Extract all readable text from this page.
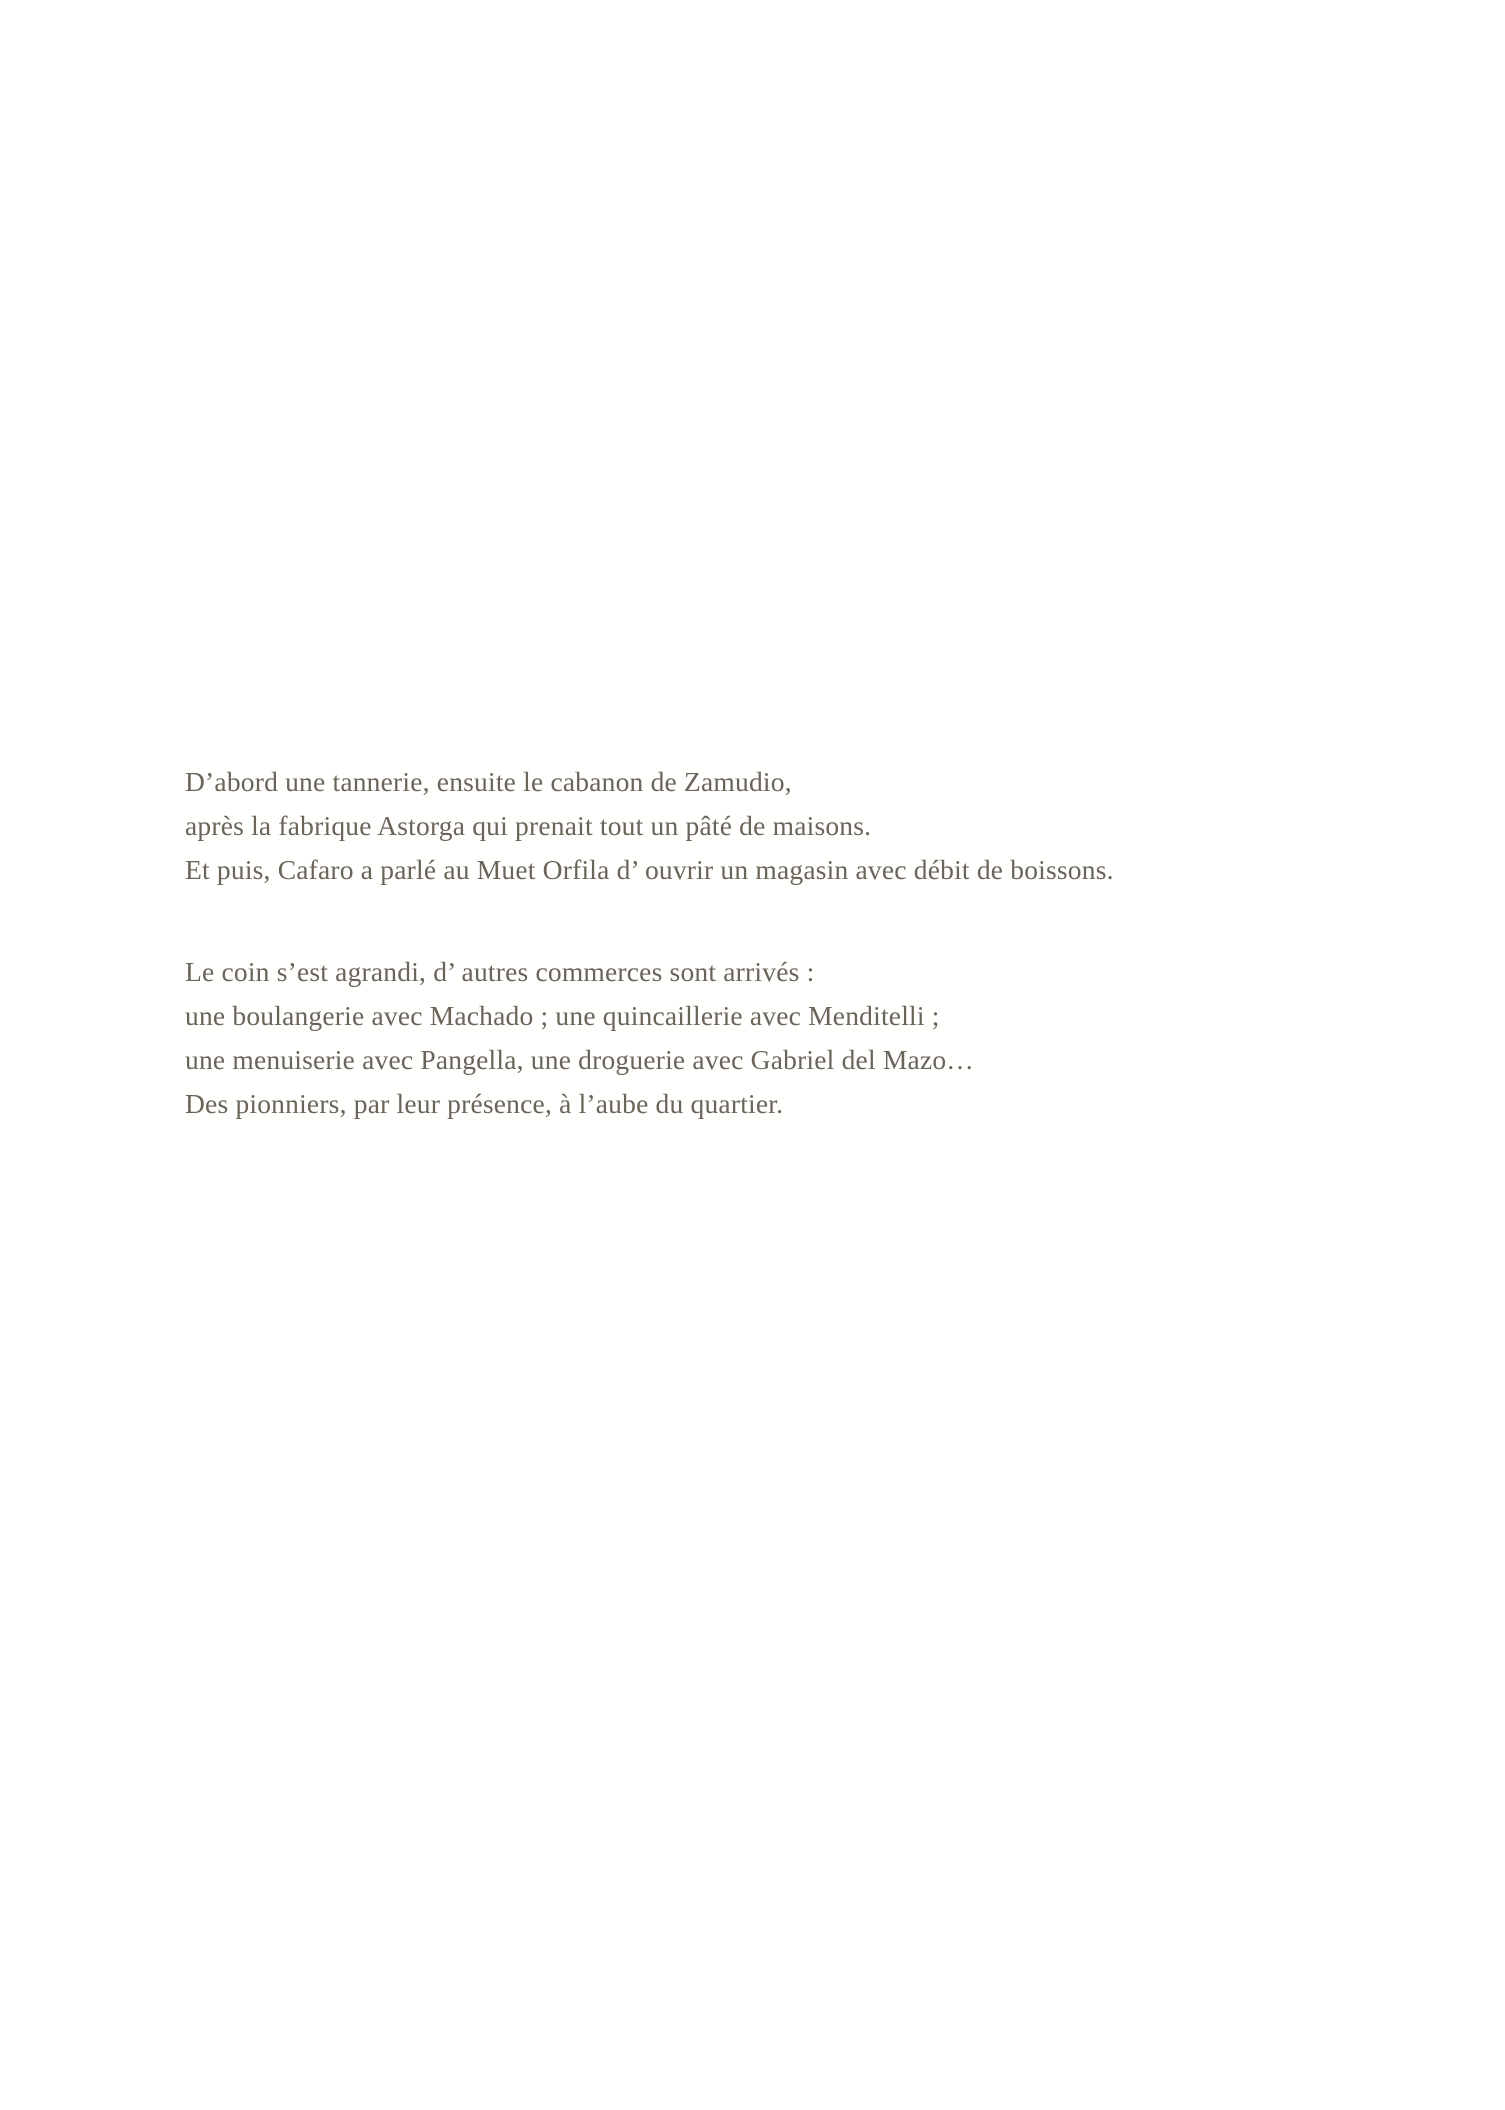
D’abord une tannerie, ensuite le cabanon de Zamudio,
après la fabrique Astorga qui prenait tout un pâté de maisons.
Et puis, Cafaro a parlé au Muet Orfila d’ ouvrir un magasin avec débit de boissons.
Le coin s’est agrandi, d’ autres commerces sont arrivés :
une boulangerie avec Machado ; une quincaillerie avec Menditelli ;
une menuiserie avec Pangella, une droguerie avec Gabriel del Mazo…
Des pionniers, par leur présence, à l’aube du quartier.
